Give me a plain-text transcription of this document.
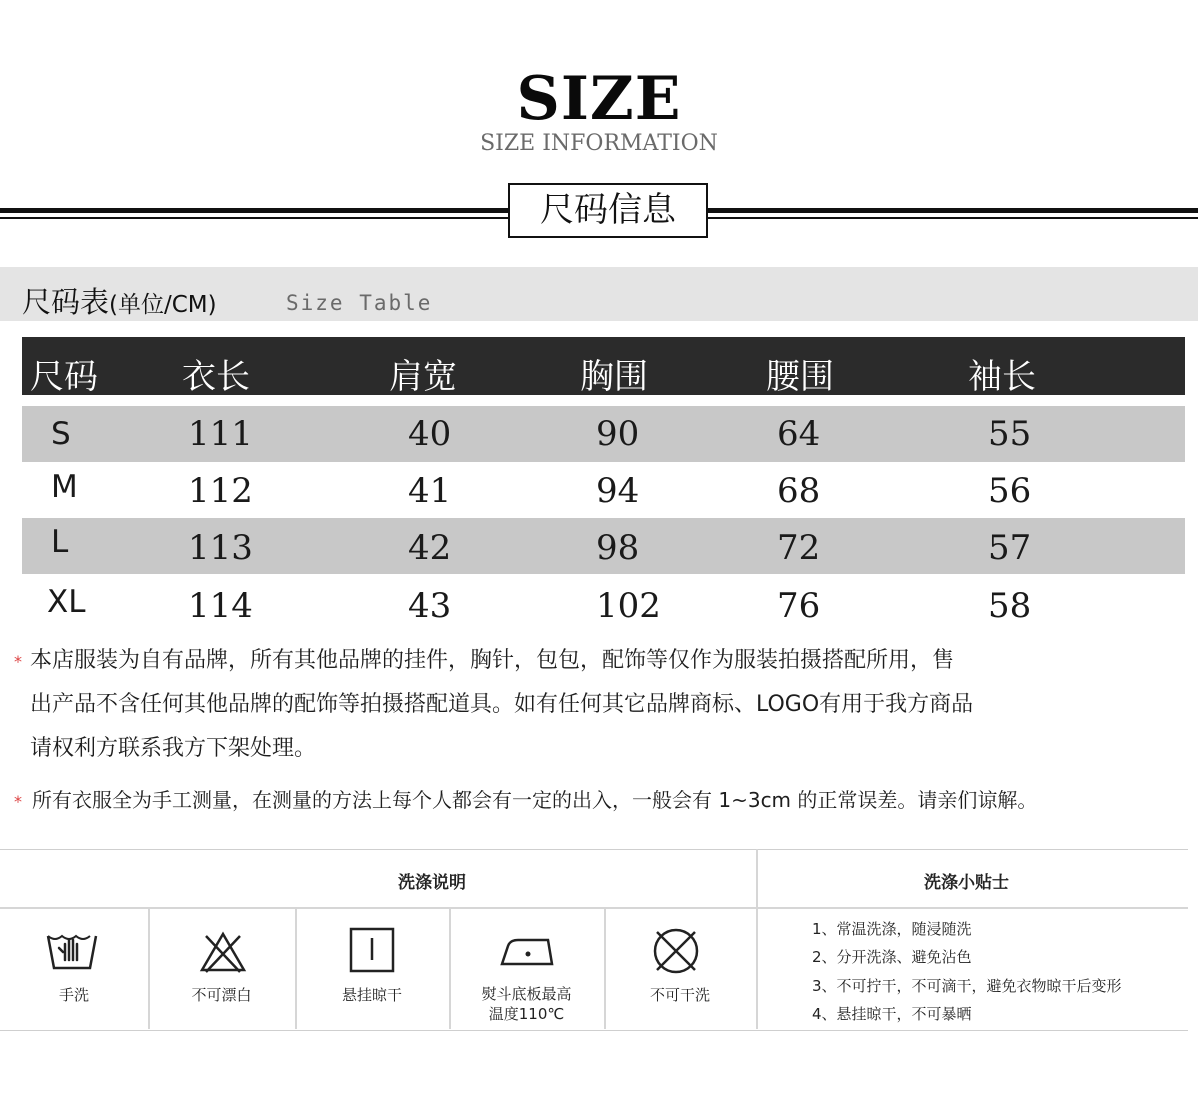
SIZE
SIZE INFORMATION
尺码信息
尺码表(单位/CM)	Size Table
尺码 衣长	肩宽	胸围	腰围	袖长
S	111	40	90	64	55
M	112	41	94	68	56
L	113	42	98	72	57
XL	114	43	102	76	58
* 本店服装为自有品牌，所有其他品牌的挂件，胸针，包包，配饰等仅作为服装拍摄搭配所用，售
出产品不含任何其他品牌的配饰等拍摄搭配道具。如有任何其它品牌商标、LOGO有用于我方商品
请权利方联系我方下架处理。
* 所有衣服全为手工测量，在测量的方法上每个人都会有一定的出入，一般会有 1~3cm 的正常误差。请亲们谅解。
洗涤说明	洗涤小贴士
手洗	不可漂白	悬挂晾干	熨斗底板最高
温度110℃
不可干洗
1、常温洗涤，随浸随洗
2、分开洗涤、避免沾色
3、不可拧干，不可滴干，避免衣物晾干后变形
4、悬挂晾干，不可暴晒
